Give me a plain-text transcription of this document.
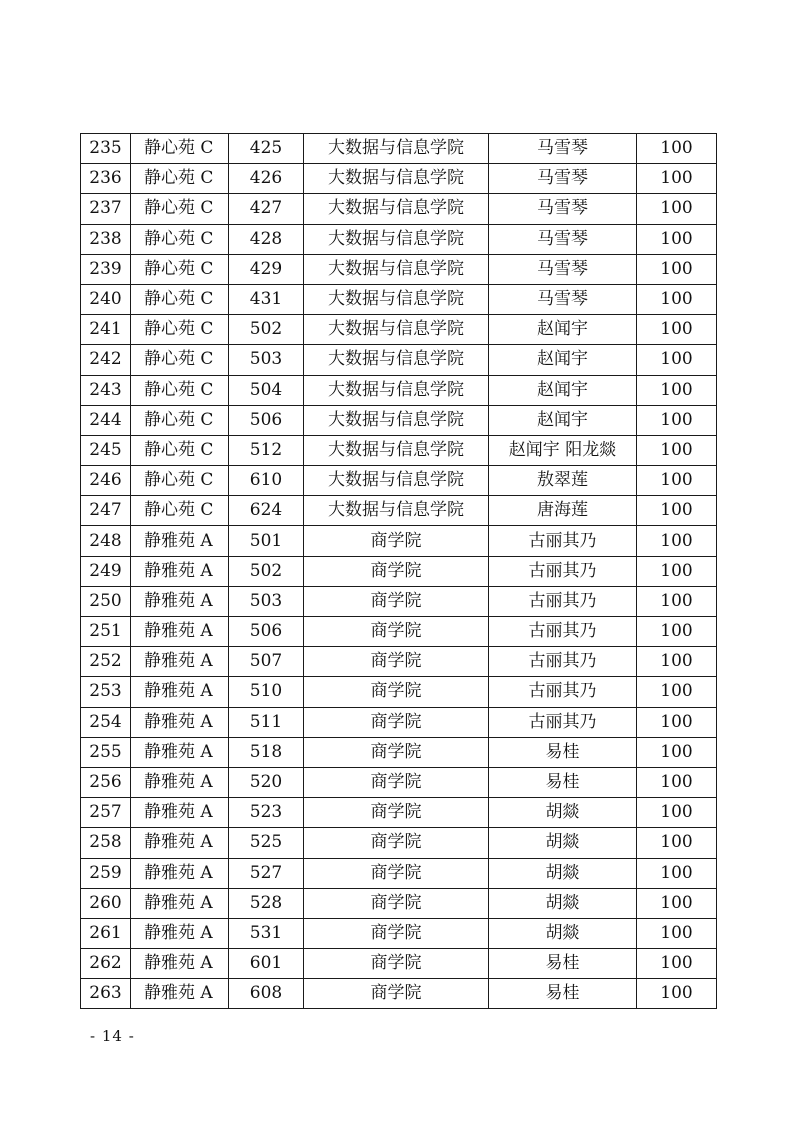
235	静心苑 C	425	大数据与信息学院	马雪琴	100
236	静心苑 C	426	大数据与信息学院	马雪琴	100
237	静心苑 C	427	大数据与信息学院	马雪琴	100
238	静心苑 C	428	大数据与信息学院	马雪琴	100
239	静心苑 C	429	大数据与信息学院	马雪琴	100
240	静心苑 C	431	大数据与信息学院	马雪琴	100
241	静心苑 C	502	大数据与信息学院	赵闻宇	100
242	静心苑 C	503	大数据与信息学院	赵闻宇	100
243	静心苑 C	504	大数据与信息学院	赵闻宇	100
244	静心苑 C	506	大数据与信息学院	赵闻宇	100
245	静心苑 C	512	大数据与信息学院	赵闻宇 阳龙燚	100
246	静心苑 C	610	大数据与信息学院	敖翠莲	100
247	静心苑 C	624	大数据与信息学院	唐海莲	100
248	静雅苑 A	501	商学院	古丽其乃	100
249	静雅苑 A	502	商学院	古丽其乃	100
250	静雅苑 A	503	商学院	古丽其乃	100
251	静雅苑 A	506	商学院	古丽其乃	100
252	静雅苑 A	507	商学院	古丽其乃	100
253	静雅苑 A	510	商学院	古丽其乃	100
254	静雅苑 A	511	商学院	古丽其乃	100
255	静雅苑 A	518	商学院	易桂	100
256	静雅苑 A	520	商学院	易桂	100
257	静雅苑 A	523	商学院	胡燚	100
258	静雅苑 A	525	商学院	胡燚	100
259	静雅苑 A	527	商学院	胡燚	100
260	静雅苑 A	528	商学院	胡燚	100
261	静雅苑 A	531	商学院	胡燚	100
262	静雅苑 A	601	商学院	易桂	100
263	静雅苑 A	608	商学院	易桂	100
- 14 -
